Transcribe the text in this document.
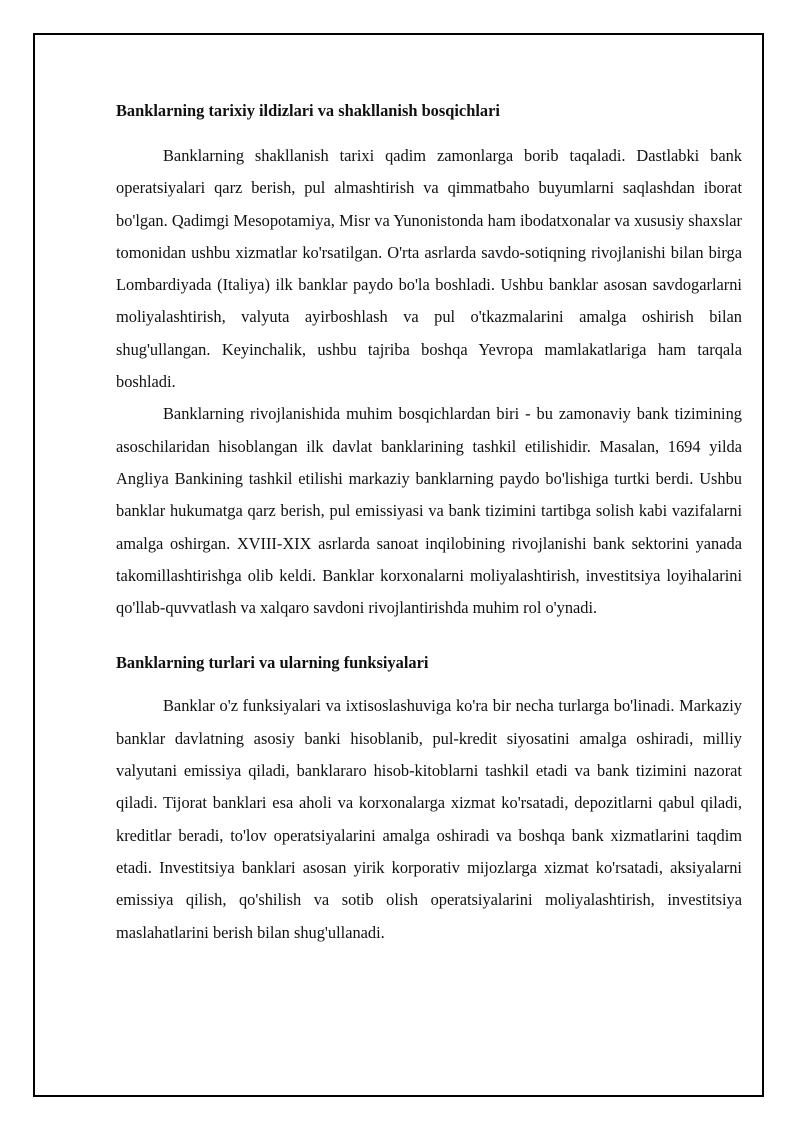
Banklarning tarixiy ildizlari va shakllanish bosqichlari

Banklarning shakllanish tarixi qadim zamonlarga borib taqaladi. Dastlabki bank operatsiyalari qarz berish, pul almashtirish va qimmatbaho buyumlarni saqlashdan iborat bo'lgan. Qadimgi Mesopotamiya, Misr va Yunonistonda ham ibodatxonalar va xususiy shaxslar tomonidan ushbu xizmatlar ko'rsatilgan. O'rta asrlarda savdo-sotiqning rivojlanishi bilan birga Lombardiyada (Italiya) ilk banklar paydo bo'la boshladi. Ushbu banklar asosan savdogarlarni moliyalashtirish, valyuta ayirboshlash va pul o'tkazmalarini amalga oshirish bilan shug'ullangan. Keyinchalik, ushbu tajriba boshqa Yevropa mamlakatlariga ham tarqala boshladi.

Banklarning rivojlanishida muhim bosqichlardan biri - bu zamonaviy bank tizimining asoschilaridan hisoblangan ilk davlat banklarining tashkil etilishidir. Masalan, 1694 yilda Angliya Bankining tashkil etilishi markaziy banklarning paydo bo'lishiga turtki berdi. Ushbu banklar hukumatga qarz berish, pul emissiyasi va bank tizimini tartibga solish kabi vazifalarni amalga oshirgan. XVIII-XIX asrlarda sanoat inqilobining rivojlanishi bank sektorini yanada takomillashtirishga olib keldi. Banklar korxonalarni moliyalashtirish, investitsiya loyihalarini qo'llab-quvvatlash va xalqaro savdoni rivojlantirishda muhim rol o'ynadi.

Banklarning turlari va ularning funksiyalari

Banklar o'z funksiyalari va ixtisoslashuviga ko'ra bir necha turlarga bo'linadi. Markaziy banklar davlatning asosiy banki hisoblanib, pul-kredit siyosatini amalga oshiradi, milliy valyutani emissiya qiladi, banklararo hisob-kitoblarni tashkil etadi va bank tizimini nazorat qiladi. Tijorat banklari esa aholi va korxonalarga xizmat ko'rsatadi, depozitlarni qabul qiladi, kreditlar beradi, to'lov operatsiyalarini amalga oshiradi va boshqa bank xizmatlarini taqdim etadi. Investitsiya banklari asosan yirik korporativ mijozlarga xizmat ko'rsatadi, aksiyalarni emissiya qilish, qo'shilish va sotib olish operatsiyalarini moliyalashtirish, investitsiya maslahatlarini berish bilan shug'ullanadi.
